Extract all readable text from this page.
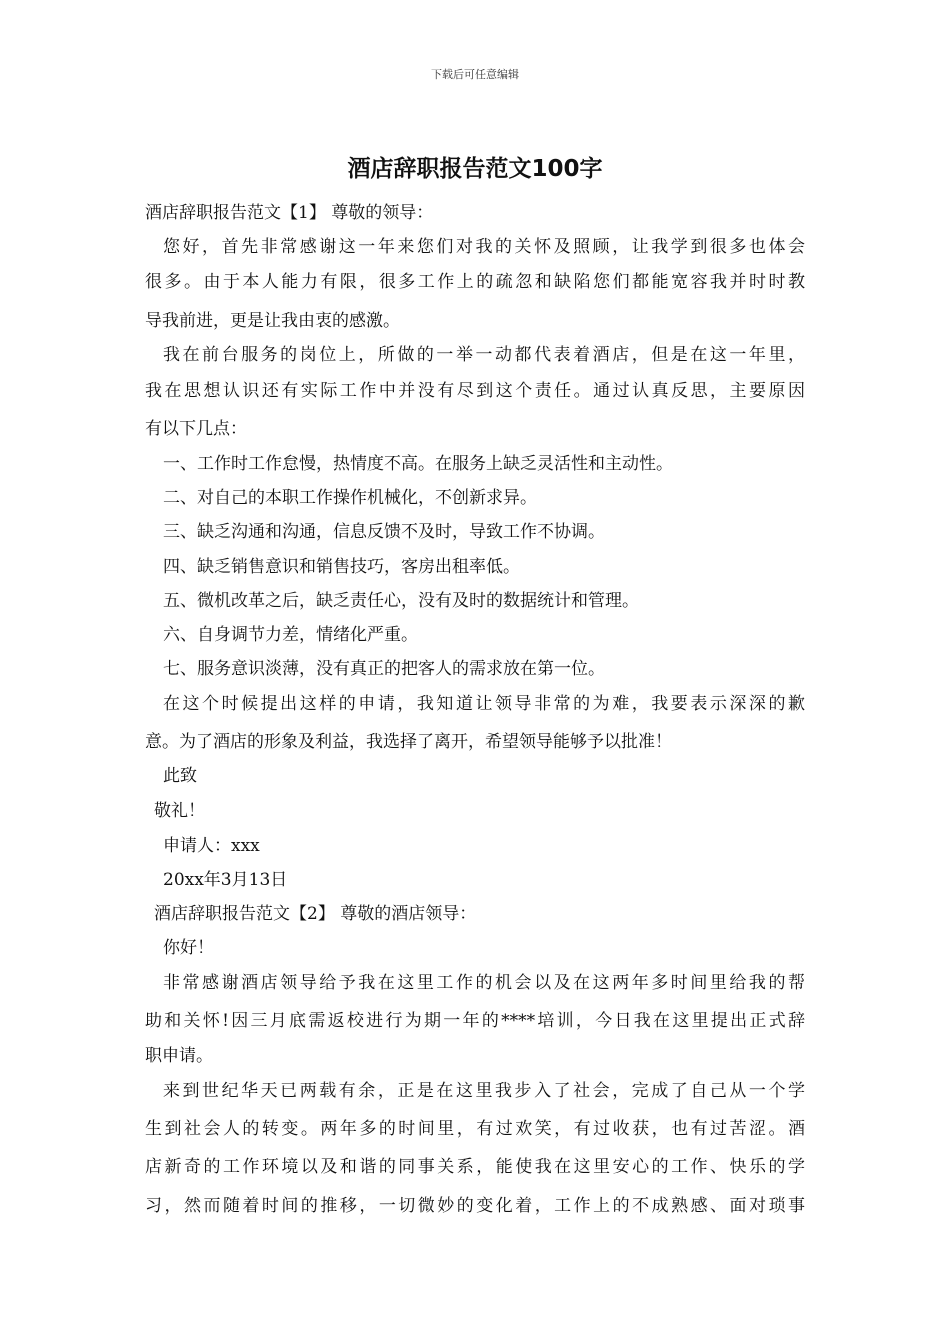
下载后可任意编辑
酒店辞职报告范文100字
酒店辞职报告范文【1】 尊敬的领导：
您好，首先非常感谢这一年来您们对我的关怀及照顾，让我学到很多也体会
很多。由于本人能力有限，很多工作上的疏忽和缺陷您们都能宽容我并时时教
导我前进，更是让我由衷的感激。
我在前台服务的岗位上，所做的一举一动都代表着酒店，但是在这一年里，
我在思想认识还有实际工作中并没有尽到这个责任。通过认真反思，主要原因
有以下几点：
一、工作时工作怠慢，热情度不高。在服务上缺乏灵活性和主动性。
二、对自己的本职工作操作机械化，不创新求异。
三、缺乏沟通和沟通，信息反馈不及时，导致工作不协调。
四、缺乏销售意识和销售技巧，客房出租率低。
五、微机改革之后，缺乏责任心，没有及时的数据统计和管理。
六、自身调节力差，情绪化严重。
七、服务意识淡薄，没有真正的把客人的需求放在第一位。
在这个时候提出这样的申请，我知道让领导非常的为难，我要表示深深的歉
意。为了酒店的形象及利益，我选择了离开，希望领导能够予以批准！
此致
敬礼！
申请人：xxx
20xx年3月13日
酒店辞职报告范文【2】 尊敬的酒店领导：
你好！
非常感谢酒店领导给予我在这里工作的机会以及在这两年多时间里给我的帮
助和关怀!因三月底需返校进行为期一年的****培训，今日我在这里提出正式辞
职申请。
来到世纪华天已两载有余，正是在这里我步入了社会，完成了自己从一个学
生到社会人的转变。两年多的时间里，有过欢笑，有过收获，也有过苦涩。酒
店新奇的工作环境以及和谐的同事关系，能使我在这里安心的工作、快乐的学
习，然而随着时间的推移，一切微妙的变化着，工作上的不成熟感、面对琐事
